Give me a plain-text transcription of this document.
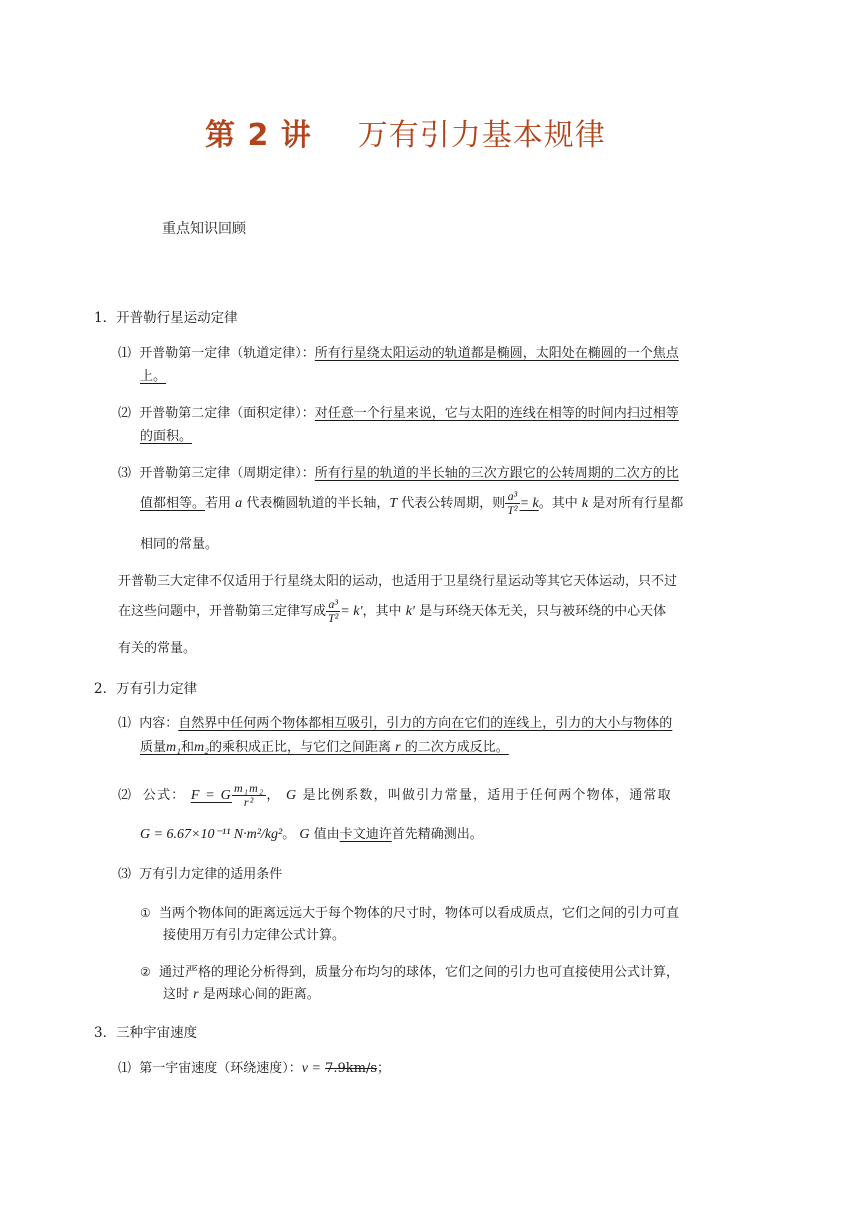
第 2 讲 万有引力基本规律
重点知识回顾
1．开普勒行星运动定律
⑴ 开普勒第一定律（轨道定律）：所有行星绕太阳运动的轨道都是椭圆，太阳处在椭圆的一个焦点
上。
⑵ 开普勒第二定律（面积定律）：对任意一个行星来说，它与太阳的连线在相等的时间内扫过相等
的面积。
⑶ 开普勒第三定律（周期定律）：所有行星的轨道的半长轴的三次方跟它的公转周期的二次方的比
值都相等。若用 a 代表椭圆轨道的半长轴，T 代表公转周期，则 $\frac{\text{a³}}{\text{T²}} = k$。其中 k 是对所有行星都
相同的常量。
开普勒三大定律不仅适用于行星绕太阳的运动，也适用于卫星绕行星运动等其它天体运动，只不过
在这些问题中，开普勒第三定律写成 $\frac{\text{a³}}{\text{T²}} = k'$，其中 k′ 是与环绕天体无关，只与被环绕的中心天体
有关的常量。
2．万有引力定律
⑴ 内容：自然界中任何两个物体都相互吸引，引力的方向在它们的连线上，引力的大小与物体的
质量m₁和m₂的乘积成正比，与它们之间距离 r 的二次方成反比。
⑵ 公式： F = G $\frac{\text{m₁m₂}}{\text{r²}}$ ， G 是比例系数，叫做引力常量，适用于任何两个物体，通常取
G = 6.67×10⁻¹¹ N·m²/kg²。 G 值由卡文迪许首先精确测出。
⑶ 万有引力定律的适用条件
① 当两个物体间的距离远远大于每个物体的尺寸时，物体可以看成质点，它们之间的引力可直
接使用万有引力定律公式计算。
② 通过严格的理论分析得到，质量分布均匀的球体，它们之间的引力也可直接使用公式计算，
这时 r 是两球心间的距离。
3．三种宇宙速度
⑴ 第一宇宙速度（环绕速度）：v = 7.9km/s；
